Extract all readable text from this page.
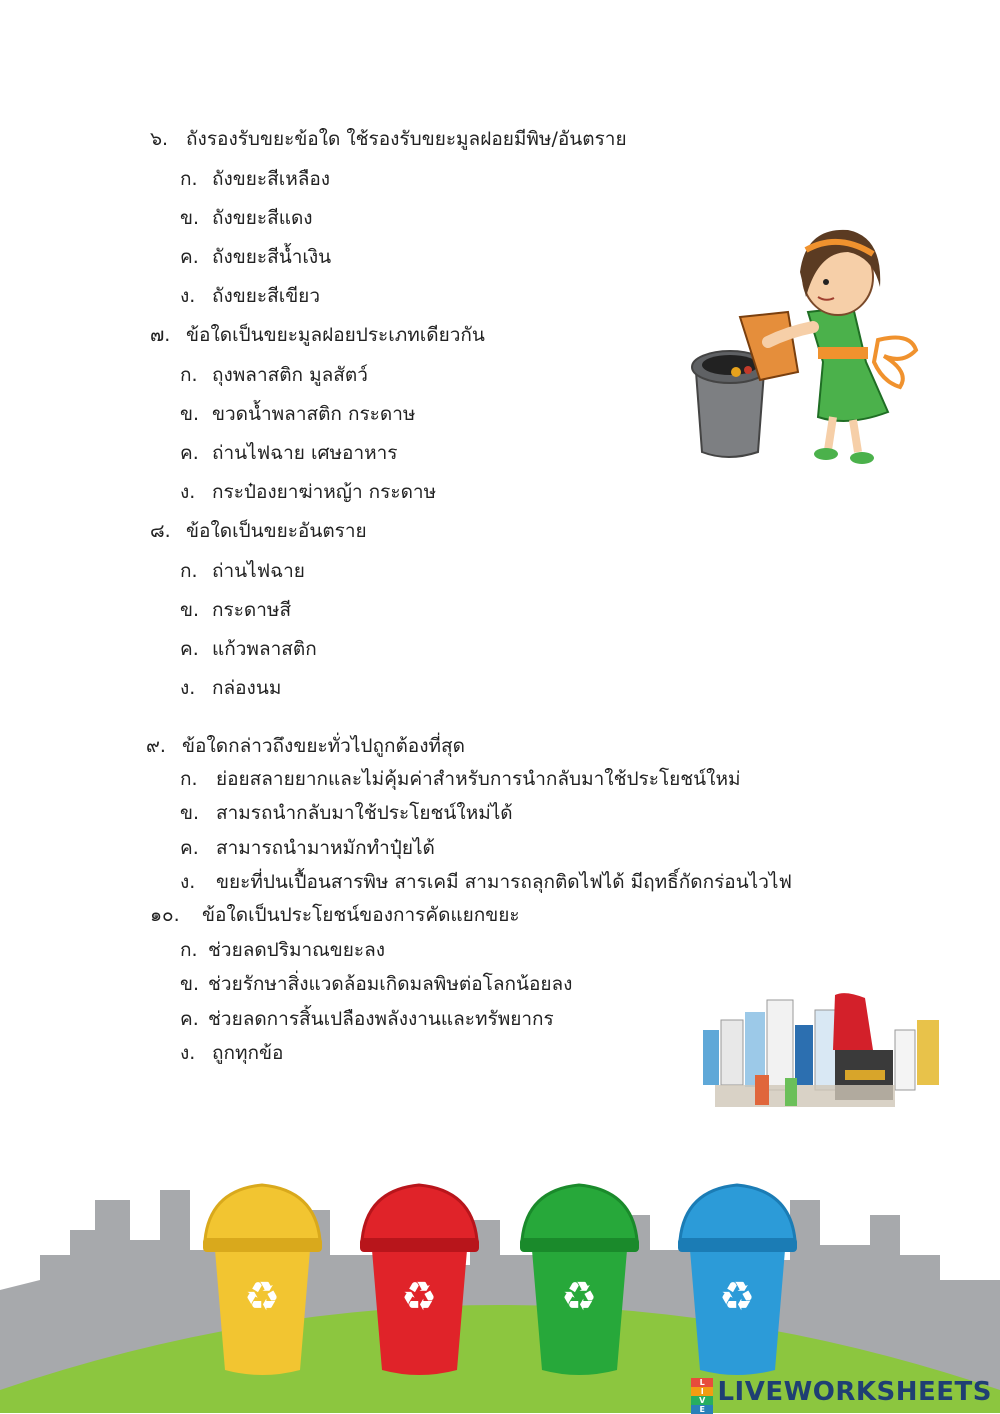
๖. ถังรองรับขยะข้อใด ใช้รองรับขยะมูลฝอยมีพิษ/อันตราย
ก. ถังขยะสีเหลือง
ข. ถังขยะสีแดง
ค. ถังขยะสีน้ำเงิน
ง. ถังขยะสีเขียว
๗. ข้อใดเป็นขยะมูลฝอยประเภทเดียวกัน
ก. ถุงพลาสติก มูลสัตว์
ข. ขวดน้ำพลาสติก กระดาษ
ค. ถ่านไฟฉาย เศษอาหาร
ง. กระป๋องยาฆ่าหญ้า กระดาษ
๘. ข้อใดเป็นขยะอันตราย
ก. ถ่านไฟฉาย
ข. กระดาษสี
ค. แก้วพลาสติก
ง. กล่องนม
๙. ข้อใดกล่าวถึงขยะทั่วไปถูกต้องที่สุด
ก. ย่อยสลายยากและไม่คุ้มค่าสำหรับการนำกลับมาใช้ประโยชน์ใหม่
ข. สามรถนำกลับมาใช้ประโยชน์ใหม่ได้
ค. สามารถนำมาหมักทำปุ๋ยได้
ง. ขยะที่ปนเปื้อนสารพิษ สารเคมี สามารถลุกติดไฟได้ มีฤทธิ์กัดกร่อนไวไฟ
๑๐. ข้อใดเป็นประโยชน์ของการคัดแยกขยะ
ก. ช่วยลดปริมาณขยะลง
ข. ช่วยรักษาสิ่งแวดล้อมเกิดมลพิษต่อโลกน้อยลง
ค. ช่วยลดการสิ้นเปลืองพลังงานและทรัพยากร
ง. ถูกทุกข้อ
♻	♻	♻	♻
L
I
V
E
LIVEWORKSHEETS
